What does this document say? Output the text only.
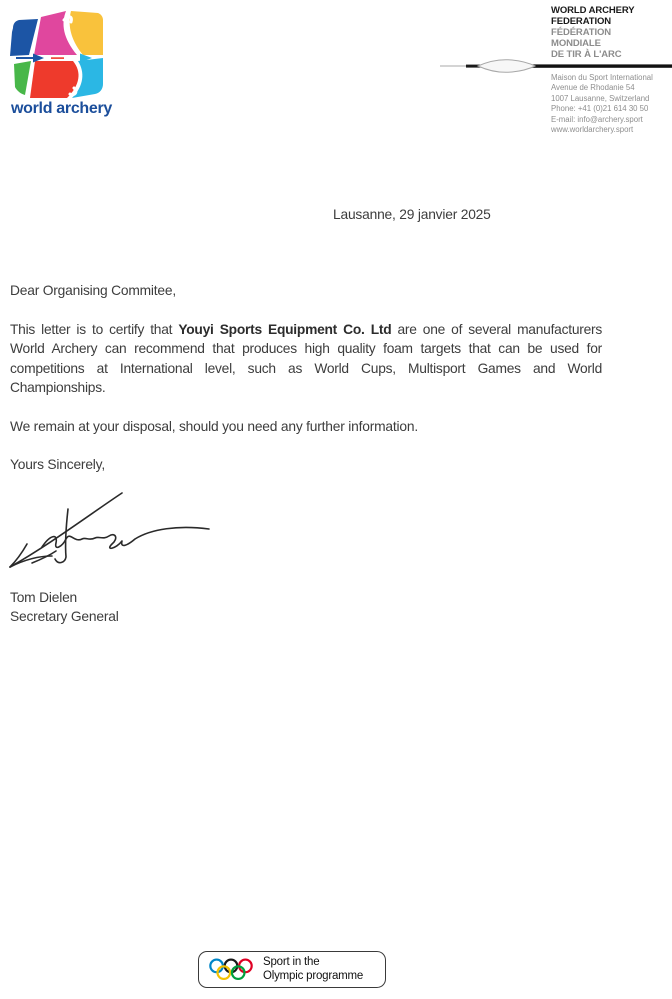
world archery
WORLD ARCHERY
FEDERATION
FÉDÉRATION
MONDIALE
DE TIR À L'ARC
Maison du Sport International
Avenue de Rhodanie 54
1007 Lausanne, Switzerland
Phone: +41 (0)21 614 30 50
E-mail: info@archery.sport
www.worldarchery.sport
Lausanne, 29 janvier 2025
Dear Organising Commitee,
This letter is to certify that Youyi Sports Equipment Co. Ltd are one of several manufacturers World Archery can recommend that produces high quality foam targets that can be used for competitions at International level, such as World Cups, Multisport Games and World Championships.
We remain at your disposal, should you need any further information.
Yours Sincerely,
Tom Dielen
Secretary General
Sport in the
Olympic programme
